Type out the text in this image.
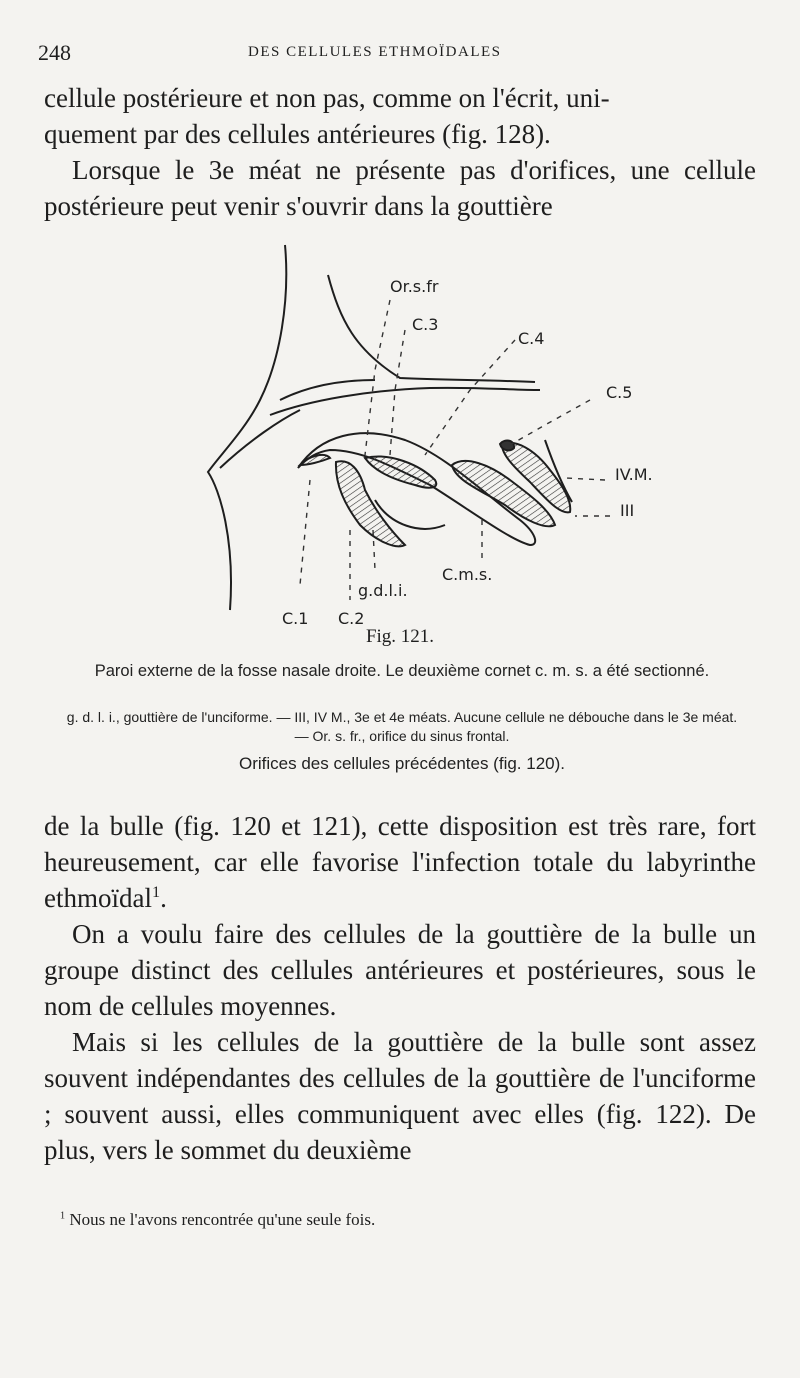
248	DES CELLULES ETHMOÏDALES

cellule postérieure et non pas, comme on l'écrit, uni-
quement par des cellules antérieures (fig. 128).

Lorsque le 3e méat ne présente pas d'orifices, une cellule postérieure peut venir s'ouvrir dans la gouttière

Or.s.fr
C.3
C.4
C.5
IV.M.
III
C.1 C.2
g.d.l.i.
C.m.s.
Fig. 121.
Paroi externe de la fosse nasale droite. Le deuxième cornet c. m. s. a été sectionné.
g. d. l. i., gouttière de l'unciforme. — III, IV M., 3e et 4e méats. Aucune cellule ne débouche dans le 3e méat. — Or. s. fr., orifice du sinus frontal.
Orifices des cellules précédentes (fig. 120).

de la bulle (fig. 120 et 121), cette disposition est très rare, fort heureusement, car elle favorise l'infection totale du labyrinthe ethmoïdal$^1$.

On a voulu faire des cellules de la gouttière de la bulle un groupe distinct des cellules antérieures et postérieures, sous le nom de cellules moyennes.

Mais si les cellules de la gouttière de la bulle sont assez souvent indépendantes des cellules de la gouttière de l'unciforme ; souvent aussi, elles communiquent avec elles (fig. 122). De plus, vers le sommet du deuxième

$^1$ Nous ne l'avons rencontrée qu'une seule fois.
